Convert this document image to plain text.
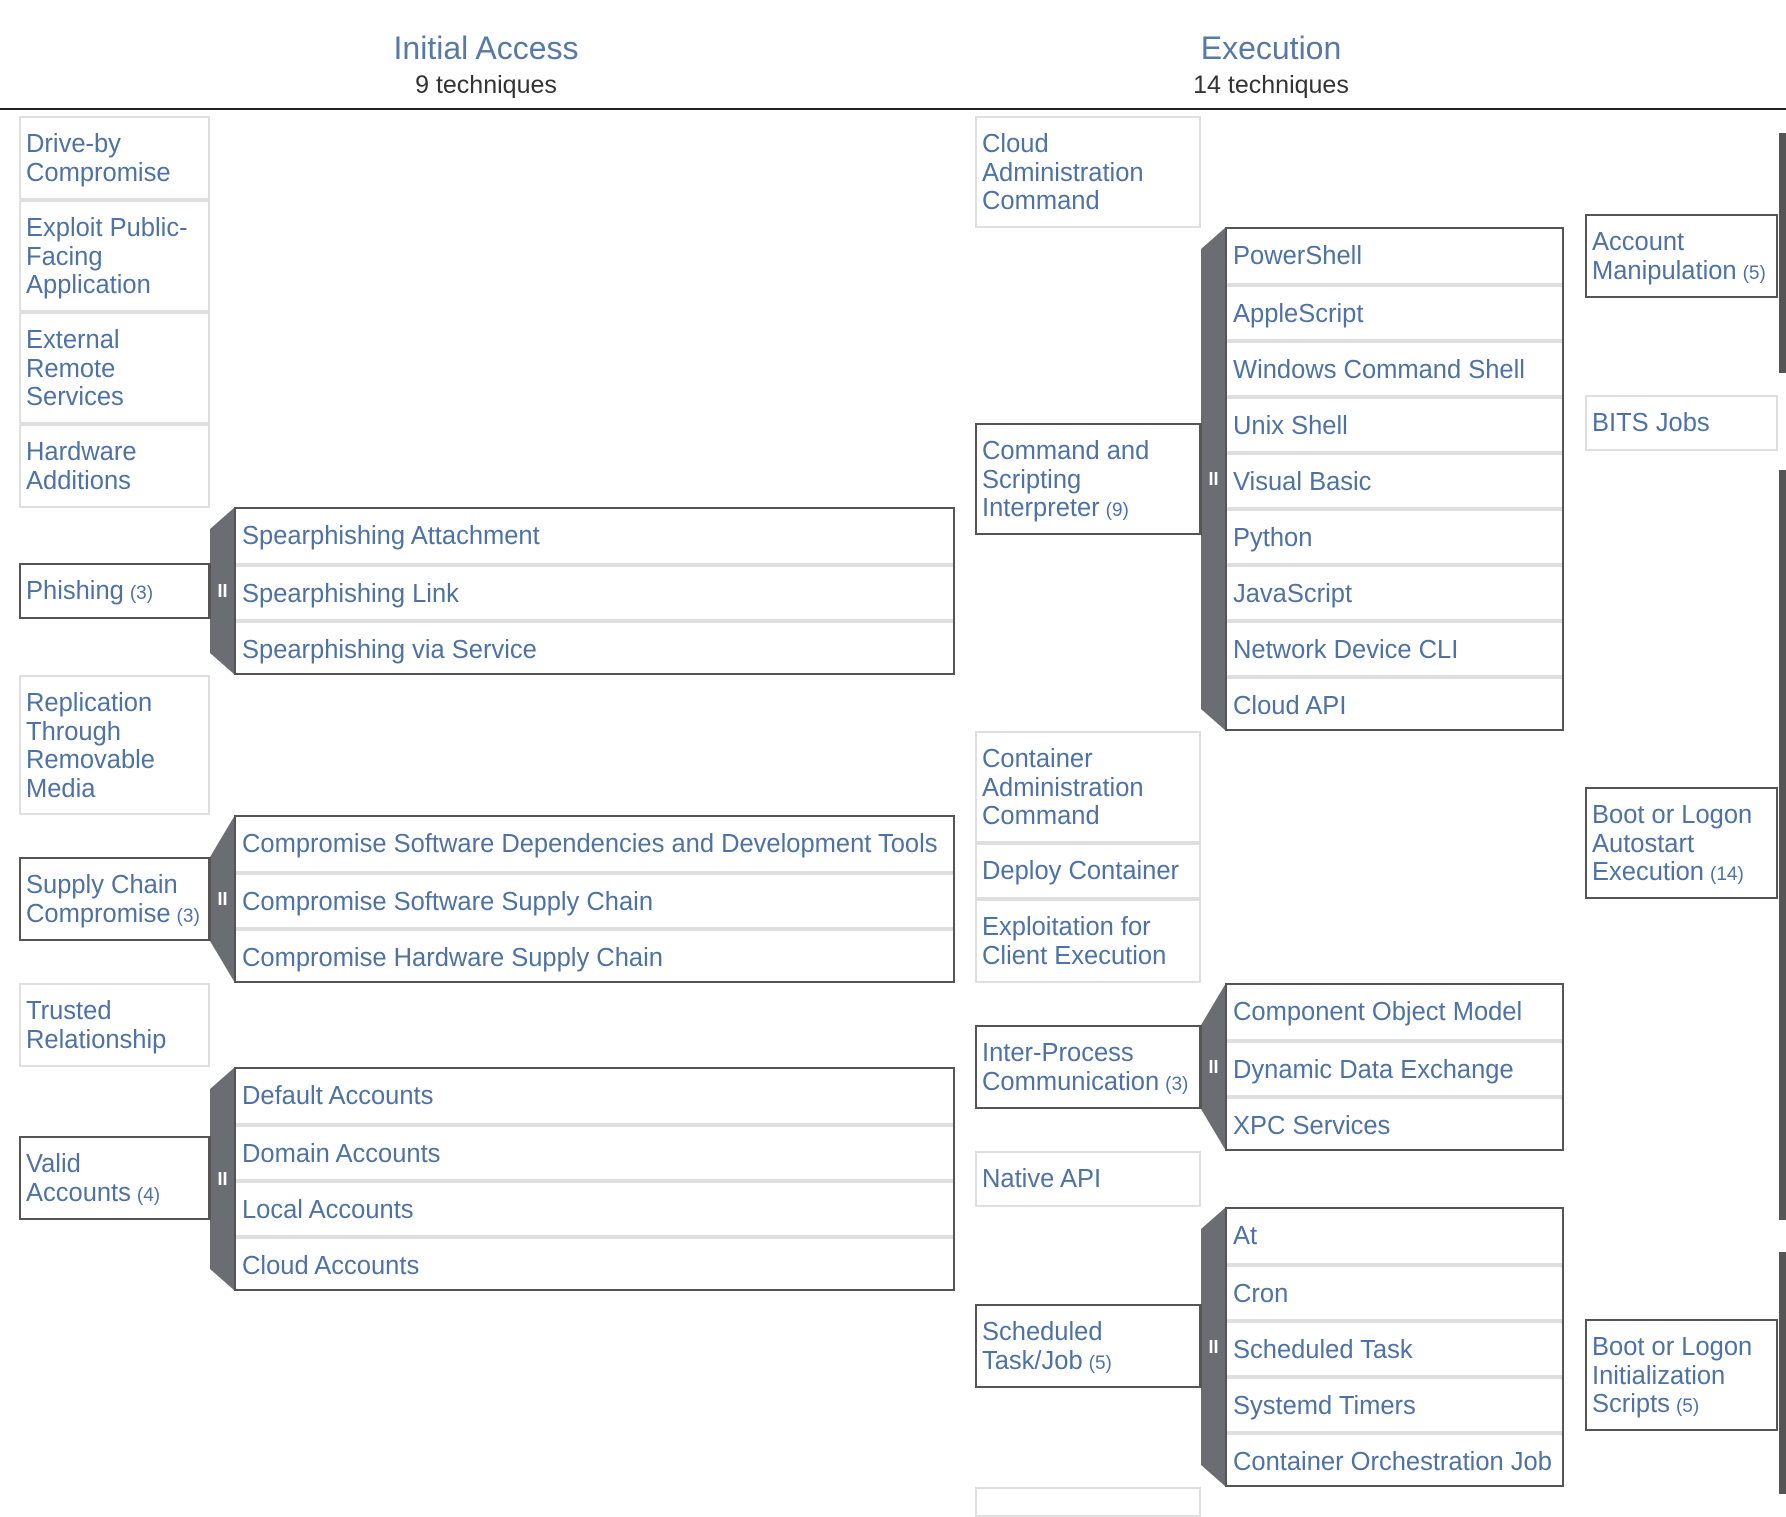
Initial Access
9 techniques
Execution
14 techniques
Drive-by Compromise
Exploit Public-Facing Application
External Remote Services
Hardware Additions
Phishing (3)	II
Spearphishing Attachment
Spearphishing Link
Spearphishing via Service
Replication Through Removable Media
Supply Chain Compromise (3)
II
Compromise Software Dependencies and Development Tools
Compromise Software Supply Chain
Compromise Hardware Supply Chain
Trusted Relationship
Valid Accounts (4)
II
Default Accounts
Domain Accounts
Local Accounts
Cloud Accounts
Cloud Administration Command
Command and Scripting Interpreter (9)
II
PowerShell
AppleScript
Windows Command Shell
Unix Shell
Visual Basic
Python
JavaScript
Network Device CLI
Cloud API
Container Administration Command
Deploy Container
Exploitation for Client Execution
Inter-Process Communication (3)
II
Component Object Model
Dynamic Data Exchange
XPC Services
Native API
Scheduled Task/Job (5)
II
At
Cron
Scheduled Task
Systemd Timers
Container Orchestration Job
Account Manipulation (5)
BITS Jobs
Boot or Logon Autostart Execution (14)
Boot or Logon Initialization Scripts (5)
